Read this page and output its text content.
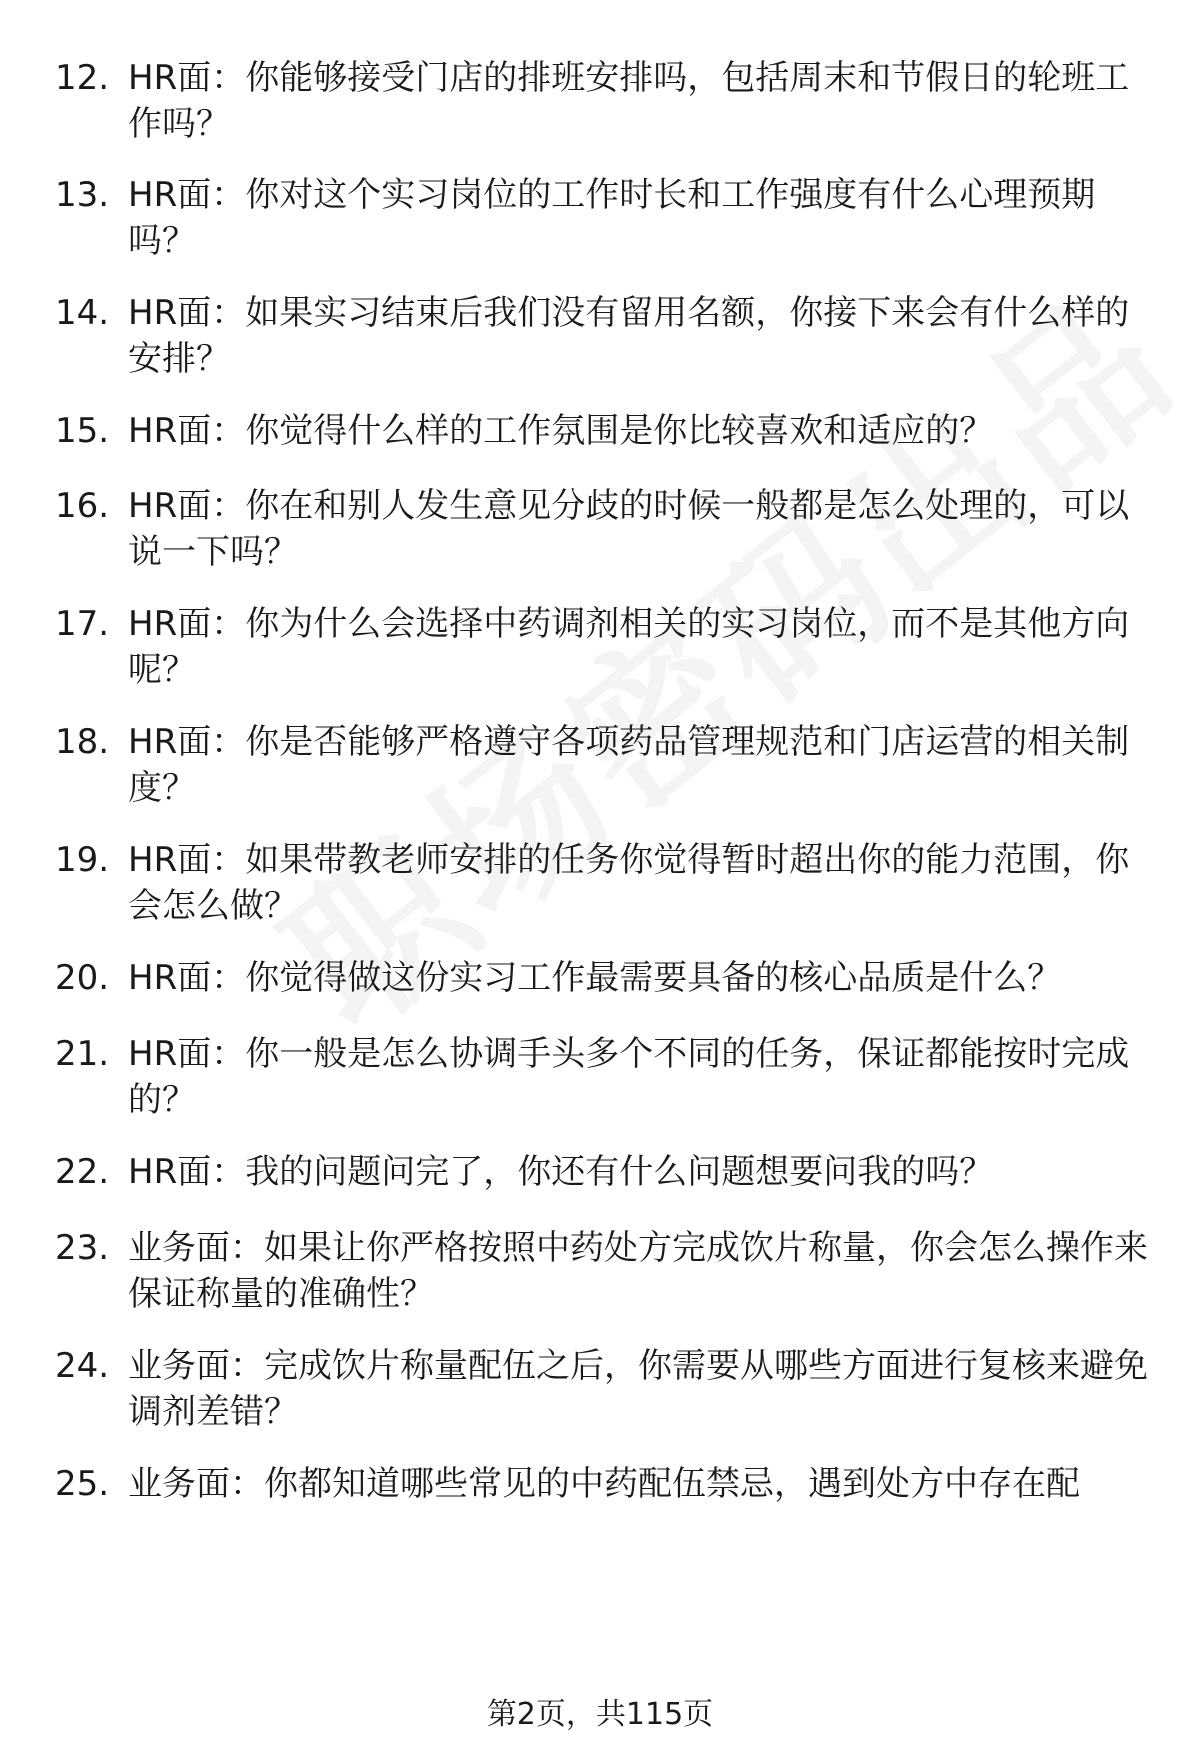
12. HR面：你能够接受门店的排班安排吗，包括周末和节假日的轮班工作吗？
13. HR面：你对这个实习岗位的工作时长和工作强度有什么心理预期吗？
14. HR面：如果实习结束后我们没有留用名额，你接下来会有什么样的安排？
15. HR面：你觉得什么样的工作氛围是你比较喜欢和适应的？
16. HR面：你在和别人发生意见分歧的时候一般都是怎么处理的，可以说一下吗？
17. HR面：你为什么会选择中药调剂相关的实习岗位，而不是其他方向呢？
18. HR面：你是否能够严格遵守各项药品管理规范和门店运营的相关制度？
19. HR面：如果带教老师安排的任务你觉得暂时超出你的能力范围，你会怎么做？
20. HR面：你觉得做这份实习工作最需要具备的核心品质是什么？
21. HR面：你一般是怎么协调手头多个不同的任务，保证都能按时完成的？
22. HR面：我的问题问完了，你还有什么问题想要问我的吗？
23. 业务面：如果让你严格按照中药处方完成饮片称量，你会怎么操作来保证称量的准确性？
24. 业务面：完成饮片称量配伍之后，你需要从哪些方面进行复核来避免调剂差错？
25. 业务面：你都知道哪些常见的中药配伍禁忌，遇到处方中存在配
第2页，共115页
